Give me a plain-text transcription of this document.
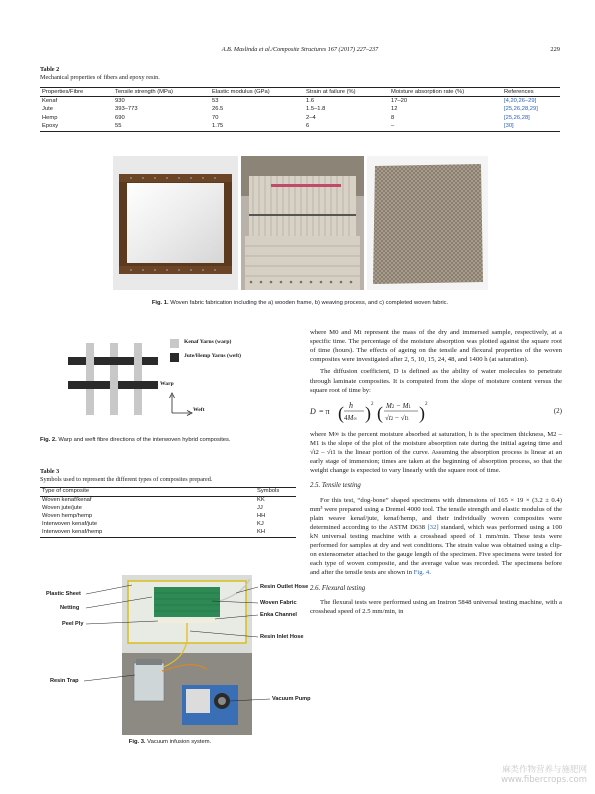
A.B. Maslinda et al./Composite Structures 167 (2017) 227–237	229
Table 2
Mechanical properties of fibers and epoxy resin.
Properties/Fibre	Tensile strength (MPa)	Elastic modulus (GPa)	Strain at failure (%)	Moisture absorption rate (%)	References
Kenaf	930	53	1.6	17–20	[4,20,26–29]
Jute	393–773	26.5	1.5–1.8	12	[25,26,28,29]
Hemp	690	70	2–4	8	[25,26,28]
Epoxy	55	1.75	6	–	[30]
Fig. 1. Woven fabric fabrication including the a) wooden frame, b) weaving process, and c) completed woven fabric.
Kenaf Yarns (warp)
Jute/Hemp Yarns (weft)
Warp
Weft
Fig. 2. Warp and weft fibre directions of the interwoven hybrid composites.
Table 3
Symbols used to represent the different types of composites prepared.
Type of composite	Symbols
Woven kenaf/kenaf	KK
Woven jute/jute	JJ
Woven hemp/hemp	HH
Interwoven kenaf/jute	KJ
Interwoven kenaf/hemp	KH
Plastic Sheet
Netting
Peel Ply
Resin Trap
Resin Outlet Hose
Woven Fabric
Enka Channel
Resin Inlet Hose
Vacuum Pump
Fig. 3. Vacuum infusion system.

where M0 and Mt represent the mass of the dry and immersed sample, respectively, at a specific time. The percentage of the moisture absorption was plotted against the square root of time (hours). The effects of ageing on the tensile and flexural properties of the woven composites were investigated after 2, 5, 10, 15, 24, 48, and 1400 h (at saturation).

The diffusion coefficient, D is defined as the ability of water molecules to penetrate through laminate composites. It is computed from the slope of moisture content versus the square root of time by:

D = π ( h
4M∞ ) 2 ( M2 − M1
√t2 − √t1 ) 2
(2)

where M∞ is the percent moisture absorbed at saturation, h is the specimen thickness, M2 – M1 is the slope of the plot of the moisture absorption rate during the initial ageing time and √t2 – √t1 is the linear portion of the curve. Assuming the absorption process is linear at an early stage of immersion; times are taken at the beginning of absorption process, so that the weight change is expected to vary linearly with the square root of time.

2.5. Tensile testing

For this test, “dog-bone” shaped specimens with dimensions of 165 × 19 × (3.2 ± 0.4) mm³ were prepared using a Dremel 4000 tool. The tensile strength and elastic modulus of the plain weave kenaf/jute, kenaf/hemp, and their individually woven composites were determined according to the ASTM D638 [32] standard, which was performed using a 100 kN universal testing machine with a crosshead speed of 1 mm/min. These tests were performed for samples at dry and wet conditions. The strain value was obtained using a clip-on extensometer attached to the gauge length of the specimen. Five specimens were tested for each type of woven composite, and the average value was recorded. The specimens before and after the tensile tests are shown in Fig. 4.

2.6. Flexural testing

The flexural tests were performed using an Instron 5848 universal testing machine, with a crosshead speed of 2.5 mm/min, in

麻类作物营养与施肥网
www.fibercrops.com
